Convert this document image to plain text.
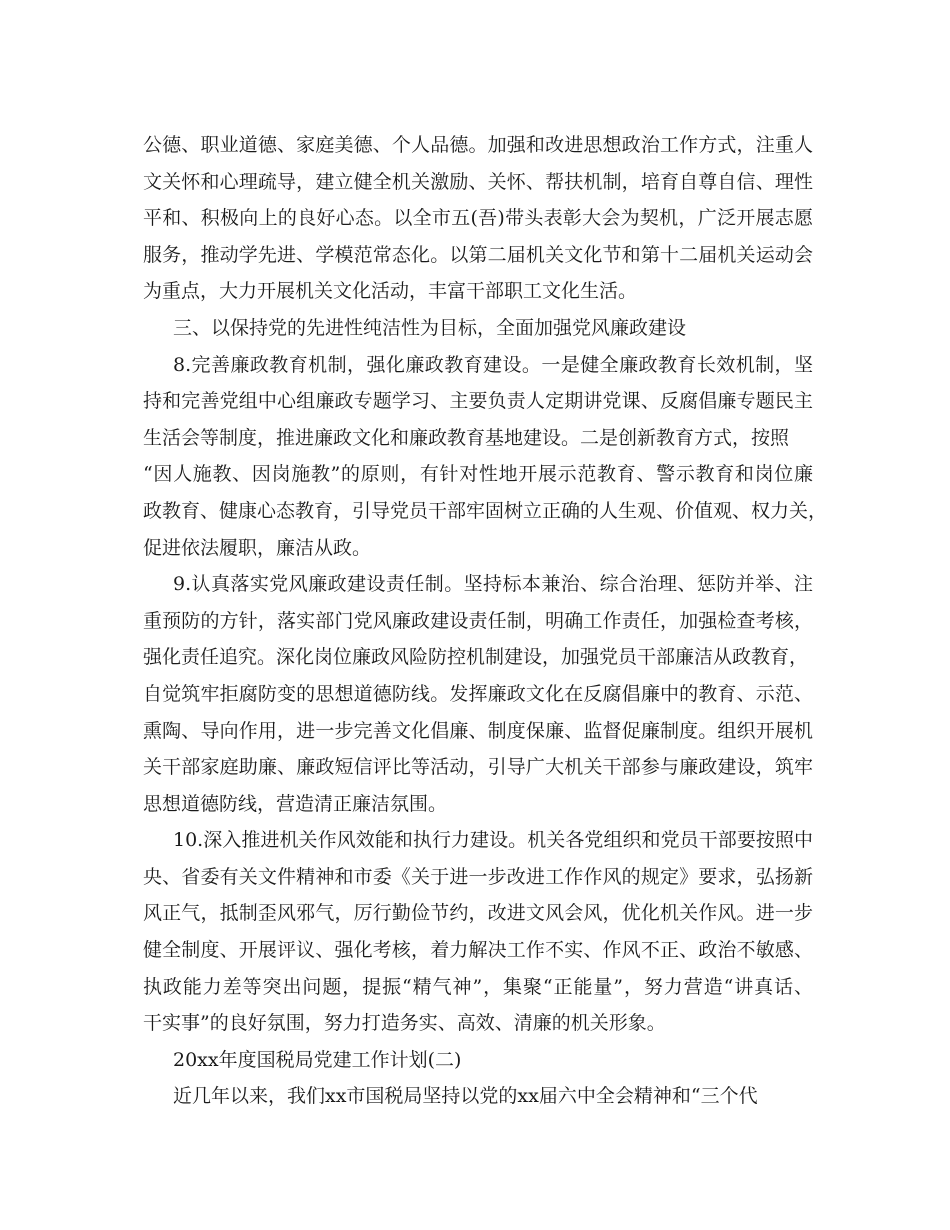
公德、职业道德、家庭美德、个人品德。加强和改进思想政治工作方式，注重人
文关怀和心理疏导，建立健全机关激励、关怀、帮扶机制，培育自尊自信、理性
平和、积极向上的良好心态。以全市五(吾)带头表彰大会为契机，广泛开展志愿
服务，推动学先进、学模范常态化。以第二届机关文化节和第十二届机关运动会
为重点，大力开展机关文化活动，丰富干部职工文化生活。
三、以保持党的先进性纯洁性为目标，全面加强党风廉政建设
8.完善廉政教育机制，强化廉政教育建设。一是健全廉政教育长效机制，坚
持和完善党组中心组廉政专题学习、主要负责人定期讲党课、反腐倡廉专题民主
生活会等制度，推进廉政文化和廉政教育基地建设。二是创新教育方式，按照
“因人施教、因岗施教”的原则，有针对性地开展示范教育、警示教育和岗位廉
政教育、健康心态教育，引导党员干部牢固树立正确的人生观、价值观、权力关，
促进依法履职，廉洁从政。
9.认真落实党风廉政建设责任制。坚持标本兼治、综合治理、惩防并举、注
重预防的方针，落实部门党风廉政建设责任制，明确工作责任，加强检查考核，
强化责任追究。深化岗位廉政风险防控机制建设，加强党员干部廉洁从政教育，
自觉筑牢拒腐防变的思想道德防线。发挥廉政文化在反腐倡廉中的教育、示范、
熏陶、导向作用，进一步完善文化倡廉、制度保廉、监督促廉制度。组织开展机
关干部家庭助廉、廉政短信评比等活动，引导广大机关干部参与廉政建设，筑牢
思想道德防线，营造清正廉洁氛围。
10.深入推进机关作风效能和执行力建设。机关各党组织和党员干部要按照中
央、省委有关文件精神和市委《关于进一步改进工作作风的规定》要求，弘扬新
风正气，抵制歪风邪气，厉行勤俭节约，改进文风会风，优化机关作风。进一步
健全制度、开展评议、强化考核，着力解决工作不实、作风不正、政治不敏感、
执政能力差等突出问题，提振“精气神”，集聚“正能量”，努力营造“讲真话、
干实事”的良好氛围，努力打造务实、高效、清廉的机关形象。
20xx年度国税局党建工作计划(二)
近几年以来，我们xx市国税局坚持以党的xx届六中全会精神和“三个代
